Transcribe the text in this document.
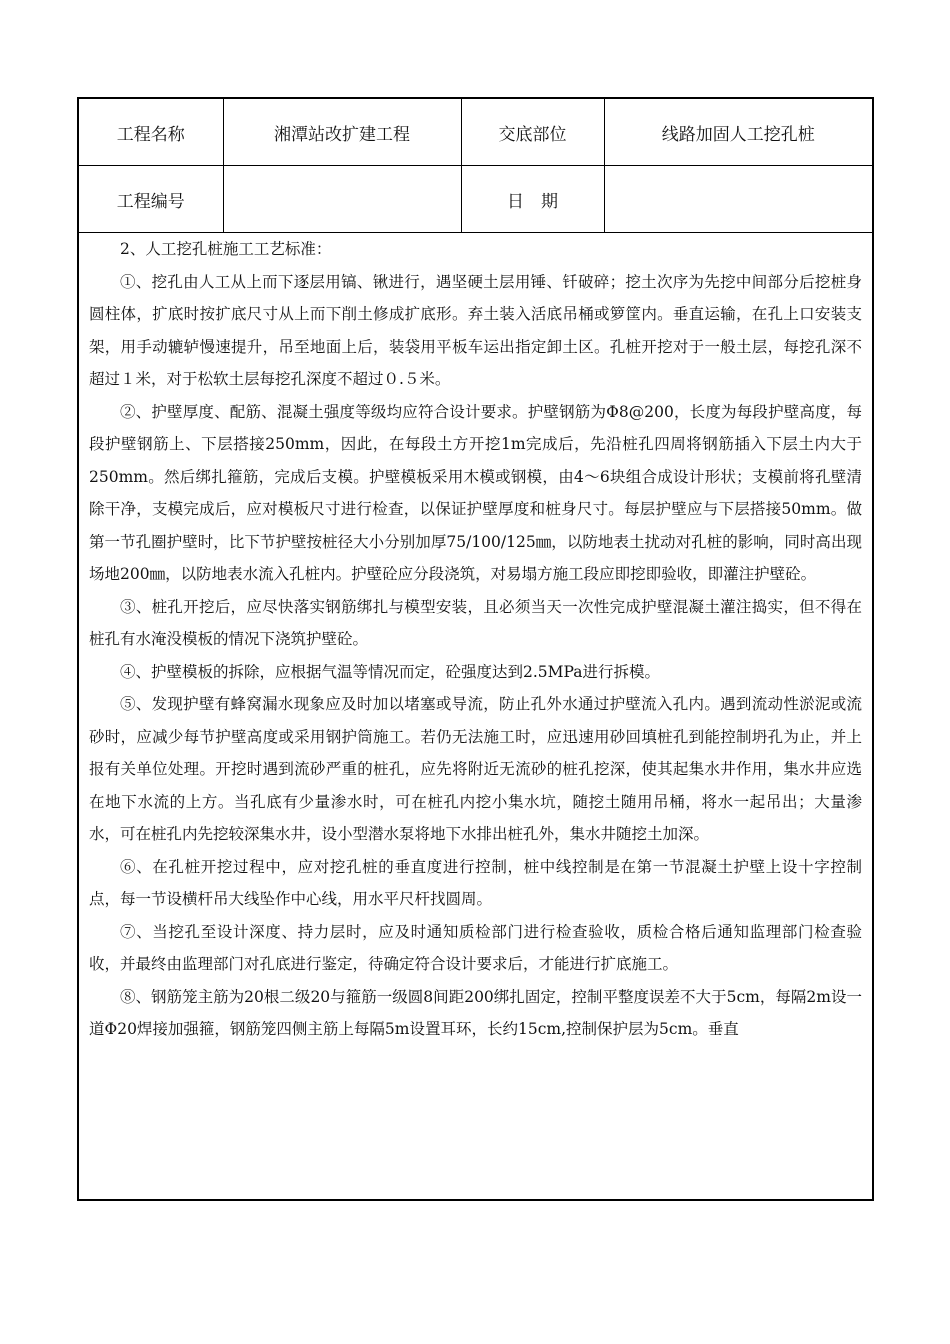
工程名称	湘潭站改扩建工程	交底部位	线路加固人工挖孔桩
工程编号		日　期	

2、人工挖孔桩施工工艺标准：

①、挖孔由人工从上而下逐层用镐、锹进行，遇坚硬土层用锤、钎破碎；挖土次序为先挖中间部分后挖桩身圆柱体，扩底时按扩底尺寸从上而下削土修成扩底形。弃土装入活底吊桶或箩筐内。垂直运输，在孔上口安装支架，用手动辘轳慢速提升，吊至地面上后，装袋用平板车运出指定卸土区。孔桩开挖对于一般土层，每挖孔深不超过１米，对于松软土层每挖孔深度不超过０.５米。

②、护壁厚度、配筋、混凝土强度等级均应符合设计要求。护壁钢筋为Φ8@200，长度为每段护壁高度，每段护壁钢筋上、下层搭接250mm，因此，在每段土方开挖1m完成后，先沿桩孔四周将钢筋插入下层土内大于250mm。然后绑扎箍筋，完成后支模。护壁模板采用木模或钢模，由4～6块组合成设计形状；支模前将孔壁清除干净，支模完成后，应对模板尺寸进行检查，以保证护壁厚度和桩身尺寸。每层护壁应与下层搭接50mm。做第一节孔圈护壁时，比下节护壁按桩径大小分别加厚75/100/125㎜，以防地表土扰动对孔桩的影响，同时高出现场地200㎜，以防地表水流入孔桩内。护壁砼应分段浇筑，对易塌方施工段应即挖即验收，即灌注护壁砼。

③、桩孔开挖后，应尽快落实钢筋绑扎与模型安装，且必须当天一次性完成护壁混凝土灌注捣实，但不得在桩孔有水淹没模板的情况下浇筑护壁砼。

④、护壁模板的拆除，应根据气温等情况而定，砼强度达到2.5MPa进行拆模。

⑤、发现护壁有蜂窝漏水现象应及时加以堵塞或导流，防止孔外水通过护壁流入孔内。遇到流动性淤泥或流砂时，应减少每节护壁高度或采用钢护筒施工。若仍无法施工时，应迅速用砂回填桩孔到能控制坍孔为止，并上报有关单位处理。开挖时遇到流砂严重的桩孔，应先将附近无流砂的桩孔挖深，使其起集水井作用，集水井应选在地下水流的上方。当孔底有少量渗水时，可在桩孔内挖小集水坑，随挖土随用吊桶，将水一起吊出；大量渗水，可在桩孔内先挖较深集水井，设小型潜水泵将地下水排出桩孔外，集水井随挖土加深。

⑥、在孔桩开挖过程中，应对挖孔桩的垂直度进行控制，桩中线控制是在第一节混凝土护壁上设十字控制点，每一节设横杆吊大线坠作中心线，用水平尺杆找圆周。

⑦、当挖孔至设计深度、持力层时，应及时通知质检部门进行检查验收，质检合格后通知监理部门检查验收，并最终由监理部门对孔底进行鉴定，待确定符合设计要求后，才能进行扩底施工。

⑧、钢筋笼主筋为20根二级20与箍筋一级圆8间距200绑扎固定，控制平整度误差不大于5cm，每隔2m设一道Φ20焊接加强箍，钢筋笼四侧主筋上每隔5m设置耳环，长约15cm,控制保护层为5cm。垂直
